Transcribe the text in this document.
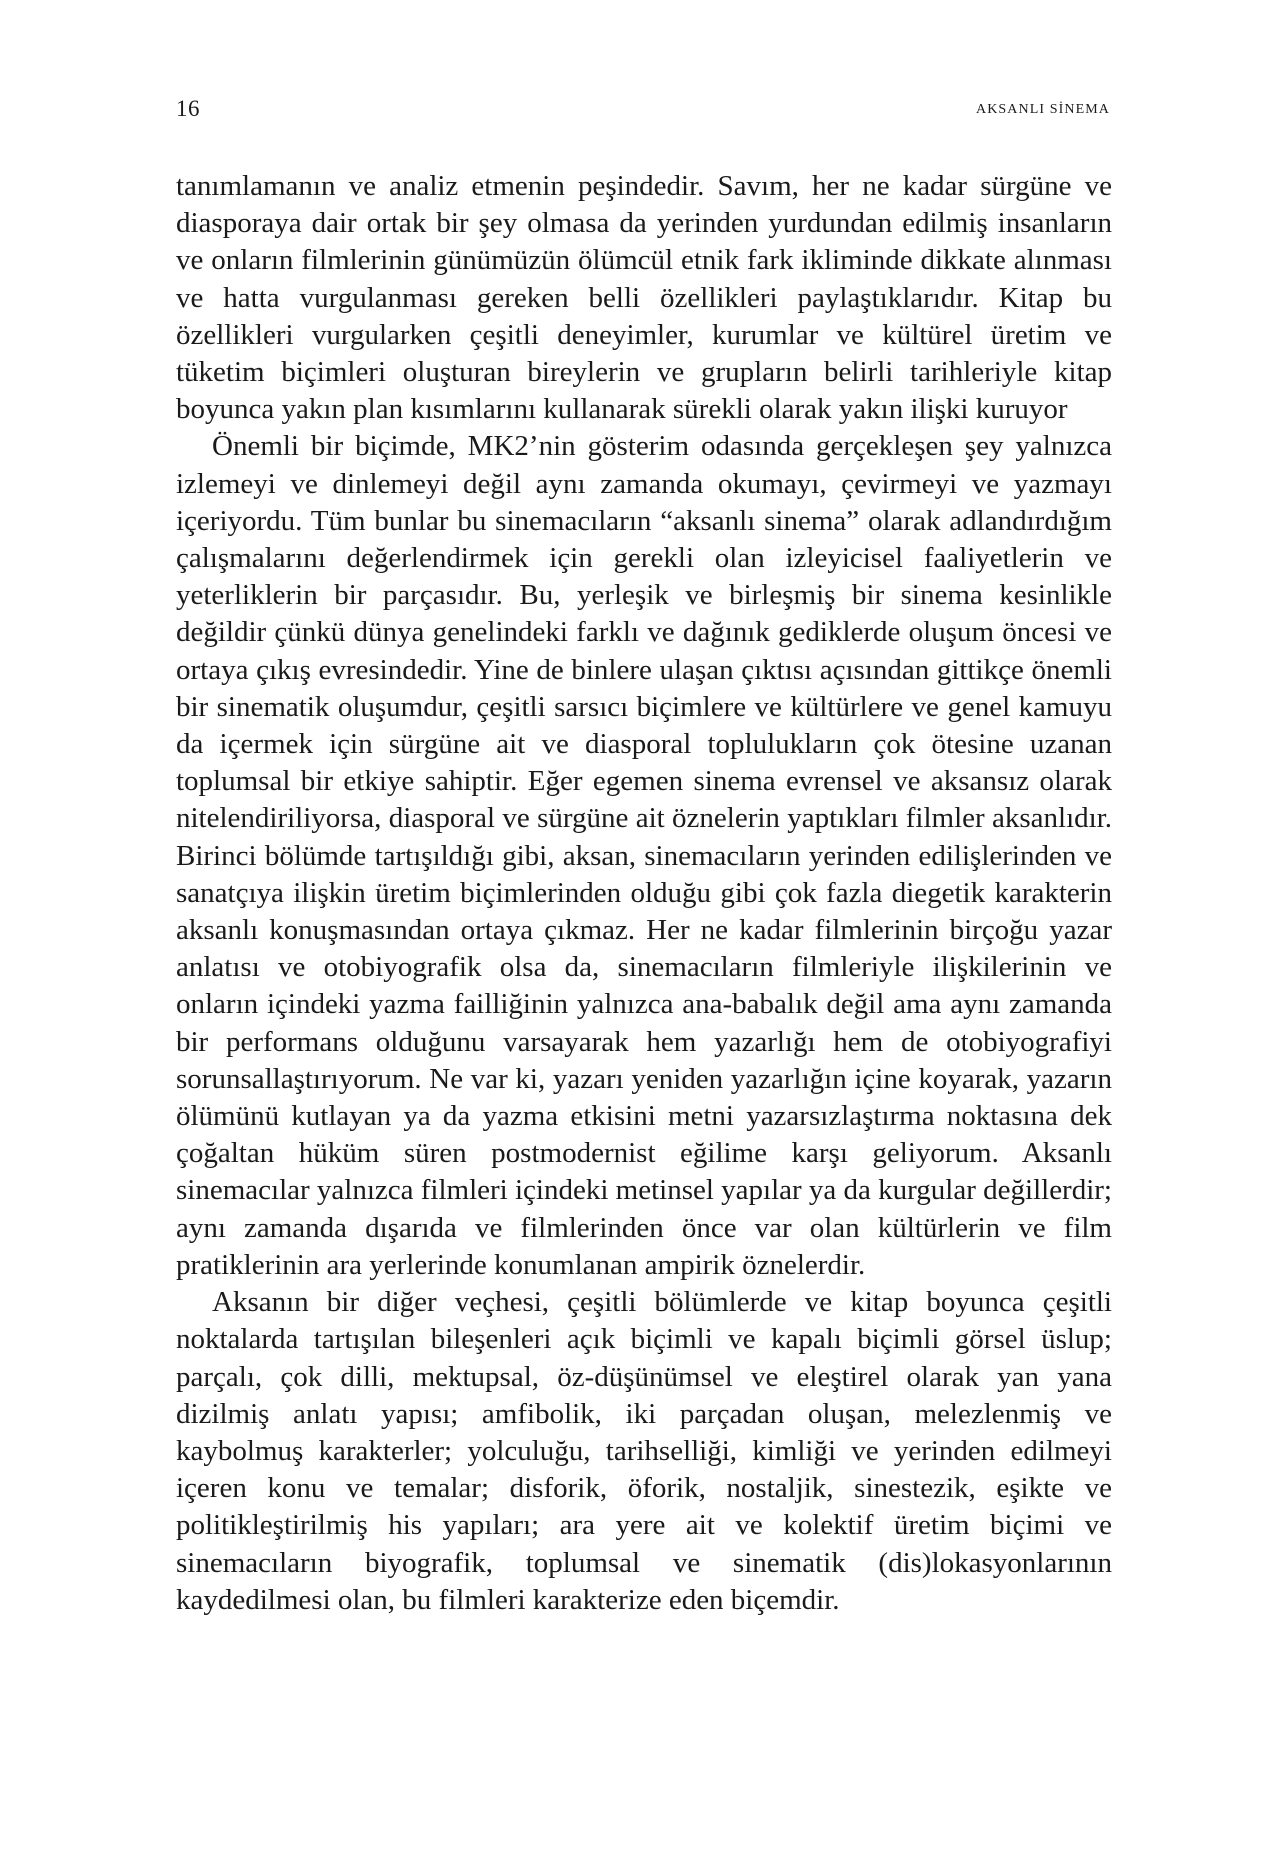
16	AKSANLI SİNEMA

tanımlamanın ve analiz etmenin peşindedir. Savım, her ne kadar sürgüne ve diasporaya dair ortak bir şey olmasa da yerinden yurdundan edilmiş insanların ve onların filmlerinin günümüzün ölümcül etnik fark ikliminde dikkate alınması ve hatta vurgulanması gereken belli özellikleri paylaştıklarıdır. Kitap bu özellikleri vurgularken çeşitli deneyimler, kurumlar ve kültürel üretim ve tüketim biçimleri oluşturan bireylerin ve grupların belirli tarihleriyle kitap boyunca yakın plan kısımlarını kullanarak sürekli olarak yakın ilişki kuruyor

Önemli bir biçimde, MK2’nin gösterim odasında gerçekleşen şey yalnızca izlemeyi ve dinlemeyi değil aynı zamanda okumayı, çevirmeyi ve yazmayı içeriyordu. Tüm bunlar bu sinemacıların “aksanlı sinema” olarak adlandırdığım çalışmalarını değerlendirmek için gerekli olan izleyicisel faaliyetlerin ve yeterliklerin bir parçasıdır. Bu, yerleşik ve birleşmiş bir sinema kesinlikle değildir çünkü dünya genelindeki farklı ve dağınık gediklerde oluşum öncesi ve ortaya çıkış evresindedir. Yine de binlere ulaşan çıktısı açısından gittikçe önemli bir sinematik oluşumdur, çeşitli sarsıcı biçimlere ve kültürlere ve genel kamuyu da içermek için sürgüne ait ve diasporal toplulukların çok ötesine uzanan toplumsal bir etkiye sahiptir. Eğer egemen sinema evrensel ve aksansız olarak nitelendiriliyorsa, diasporal ve sürgüne ait öznelerin yaptıkları filmler aksanlıdır. Birinci bölümde tartışıldığı gibi, aksan, sinemacıların yerinden edilişlerinden ve sanatçıya ilişkin üretim biçimlerinden olduğu gibi çok fazla diegetik karakterin aksanlı konuşmasından ortaya çıkmaz. Her ne kadar filmlerinin birçoğu yazar anlatısı ve otobiyografik olsa da, sinemacıların filmleriyle ilişkilerinin ve onların içindeki yazma failliğinin yalnızca ana-babalık değil ama aynı zamanda bir performans olduğunu varsayarak hem yazarlığı hem de otobiyografiyi sorunsallaştırıyorum. Ne var ki, yazarı yeniden yazarlığın içine koyarak, yazarın ölümünü kutlayan ya da yazma etkisini metni yazarsızlaştırma noktasına dek çoğaltan hüküm süren postmodernist eğilime karşı geliyorum. Aksanlı sinemacılar yalnızca filmleri içindeki metinsel yapılar ya da kurgular değillerdir; aynı zamanda dışarıda ve filmlerinden önce var olan kültürlerin ve film pratiklerinin ara yerlerinde konumlanan ampirik öznelerdir.

Aksanın bir diğer veçhesi, çeşitli bölümlerde ve kitap boyunca çeşitli noktalarda tartışılan bileşenleri açık biçimli ve kapalı biçimli görsel üslup; parçalı, çok dilli, mektupsal, öz-düşünümsel ve eleştirel olarak yan yana dizilmiş anlatı yapısı; amfibolik, iki parçadan oluşan, melezlenmiş ve kaybolmuş karakterler; yolculuğu, tarihselliği, kimliği ve yerinden edilmeyi içeren konu ve temalar; disforik, öforik, nostaljik, sinestezik, eşikte ve politikleştirilmiş his yapıları; ara yere ait ve kolektif üretim biçimi ve sinemacıların biyografik, toplumsal ve sinematik (dis)lokasyonlarının kaydedilmesi olan, bu filmleri karakterize eden biçemdir.
